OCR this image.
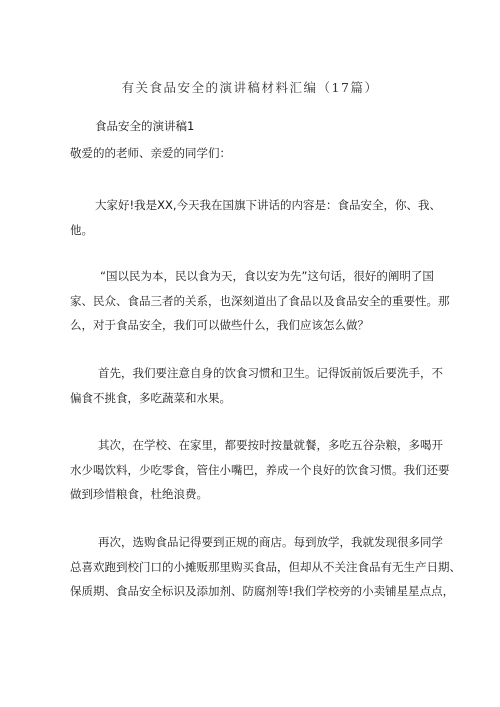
有关食品安全的演讲稿材料汇编（17篇）
食品安全的演讲稿1
敬爱的的老师、亲爱的同学们：
大家好!我是XX,今天我在国旗下讲话的内容是：食品安全，你、我、
他。
“国以民为本，民以食为天，食以安为先”这句话，很好的阐明了国
家、民众、食品三者的关系，也深刻道出了食品以及食品安全的重要性。那
么，对于食品安全，我们可以做些什么，我们应该怎么做？
首先，我们要注意自身的饮食习惯和卫生。记得饭前饭后要洗手，不
偏食不挑食，多吃蔬菜和水果。
其次，在学校、在家里，都要按时按量就餐，多吃五谷杂粮，多喝开
水少喝饮料，少吃零食，管住小嘴巴，养成一个良好的饮食习惯。我们还要
做到珍惜粮食，杜绝浪费。
再次，选购食品记得要到正规的商店。每到放学，我就发现很多同学
总喜欢跑到校门口的小摊贩那里购买食品，但却从不关注食品有无生产日期、
保质期、食品安全标识及添加剂、防腐剂等!我们学校旁的小卖铺星星点点，
